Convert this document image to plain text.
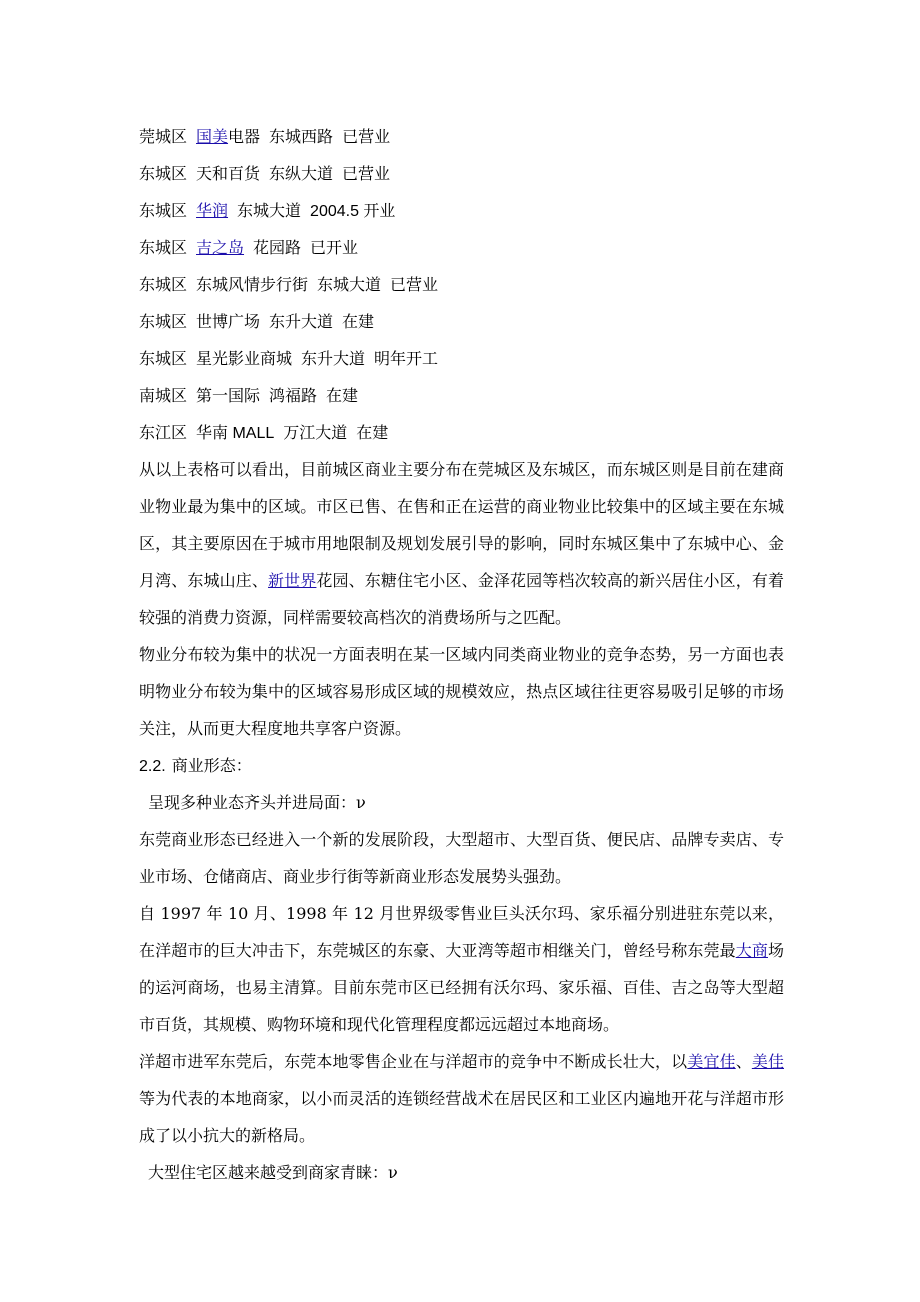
莞城区 国美电器 东城西路 已营业
东城区 天和百货 东纵大道 已营业
东城区 华润 东城大道 2004.5 开业
东城区 吉之岛 花园路 已开业
东城区 东城风情步行街 东城大道 已营业
东城区 世博广场 东升大道 在建
东城区 星光影业商城 东升大道 明年开工
南城区 第一国际 鸿福路 在建
东江区 华南 MALL 万江大道 在建

从以上表格可以看出，目前城区商业主要分布在莞城区及东城区，而东城区则是目前在建商业物业最为集中的区域。市区已售、在售和正在运营的商业物业比较集中的区域主要在东城区，其主要原因在于城市用地限制及规划发展引导的影响，同时东城区集中了东城中心、金月湾、东城山庄、新世界花园、东糖住宅小区、金泽花园等档次较高的新兴居住小区，有着较强的消费力资源，同样需要较高档次的消费场所与之匹配。

物业分布较为集中的状况一方面表明在某一区域内同类商业物业的竞争态势，另一方面也表明物业分布较为集中的区域容易形成区域的规模效应，热点区域往往更容易吸引足够的市场关注，从而更大程度地共享客户资源。

2.2. 商业形态：
呈现多种业态齐头并进局面：ν

东莞商业形态已经进入一个新的发展阶段，大型超市、大型百货、便民店、品牌专卖店、专业市场、仓储商店、商业步行街等新商业形态发展势头强劲。

自 1997 年 10 月、1998 年 12 月世界级零售业巨头沃尔玛、家乐福分别进驻东莞以来，在洋超市的巨大冲击下，东莞城区的东豪、大亚湾等超市相继关门，曾经号称东莞最大商场的运河商场，也易主清算。目前东莞市区已经拥有沃尔玛、家乐福、百佳、吉之岛等大型超市百货，其规模、购物环境和现代化管理程度都远远超过本地商场。

洋超市进军东莞后，东莞本地零售企业在与洋超市的竞争中不断成长壮大，以美宜佳、美佳等为代表的本地商家，以小而灵活的连锁经营战术在居民区和工业区内遍地开花与洋超市形成了以小抗大的新格局。

大型住宅区越来越受到商家青睐：ν
